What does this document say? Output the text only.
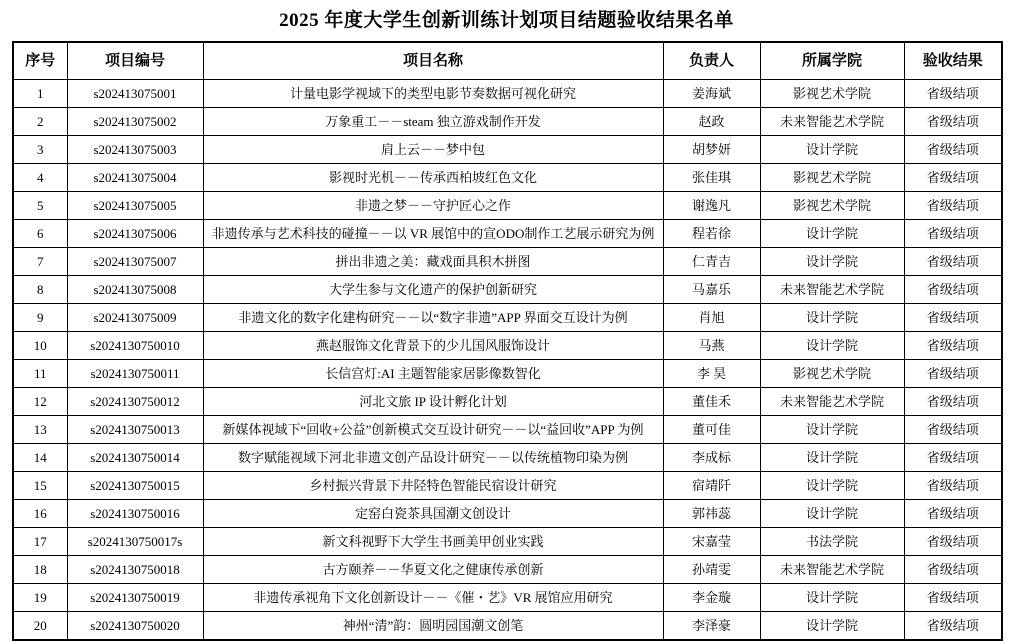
2025 年度大学生创新训练计划项目结题验收结果名单
序号	项目编号	项目名称	负责人	所属学院	验收结果
1	s202413075001	计量电影学视域下的类型电影节奏数据可视化研究	姜海斌	影视艺术学院	省级结项
2	s202413075002	万象重工－－steam 独立游戏制作开发	赵政	未来智能艺术学院	省级结项
3	s202413075003	肩上云－－梦中包	胡梦妍	设计学院	省级结项
4	s202413075004	影视时光机－－传承西柏坡红色文化	张佳琪	影视艺术学院	省级结项
5	s202413075005	非遗之梦－－守护匠心之作	谢逸凡	影视艺术学院	省级结项
6	s202413075006	非遗传承与艺术科技的碰撞－－以 VR 展馆中的宣ODO制作工艺展示研究为例	程若徐	设计学院	省级结项
7	s202413075007	拼出非遗之美：藏戏面具积木拼图	仁青吉	设计学院	省级结项
8	s202413075008	大学生参与文化遗产的保护创新研究	马嘉乐	未来智能艺术学院	省级结项
9	s202413075009	非遗文化的数字化建构研究－－以“数字非遗”APP 界面交互设计为例	肖旭	设计学院	省级结项
10	s2024130750010	燕赵服饰文化背景下的少儿国风服饰设计	马燕	设计学院	省级结项
11	s2024130750011	长信宫灯:AI 主题智能家居影像数智化	李 昊	影视艺术学院	省级结项
12	s2024130750012	河北文旅 IP 设计孵化计划	董佳禾	未来智能艺术学院	省级结项
13	s2024130750013	新媒体视域下“回收+公益”创新模式交互设计研究－－以“益回收”APP 为例	董可佳	设计学院	省级结项
14	s2024130750014	数字赋能视域下河北非遗文创产品设计研究－－以传统植物印染为例	李成标	设计学院	省级结项
15	s2024130750015	乡村振兴背景下井陉特色智能民宿设计研究	宿靖阡	设计学院	省级结项
16	s2024130750016	定窑白瓷茶具国潮文创设计	郭祎蕊	设计学院	省级结项
17	s2024130750017s	新文科视野下大学生书画美甲创业实践	宋嘉莹	书法学院	省级结项
18	s2024130750018	古方颐养－－华夏文化之健康传承创新	孙靖雯	未来智能艺术学院	省级结项
19	s2024130750019	非遗传承视角下文化创新设计－－《催・艺》VR 展馆应用研究	李金璇	设计学院	省级结项
20	s2024130750020	神州“清”韵：圆明园国潮文创笔	李泽豪	设计学院	省级结项
